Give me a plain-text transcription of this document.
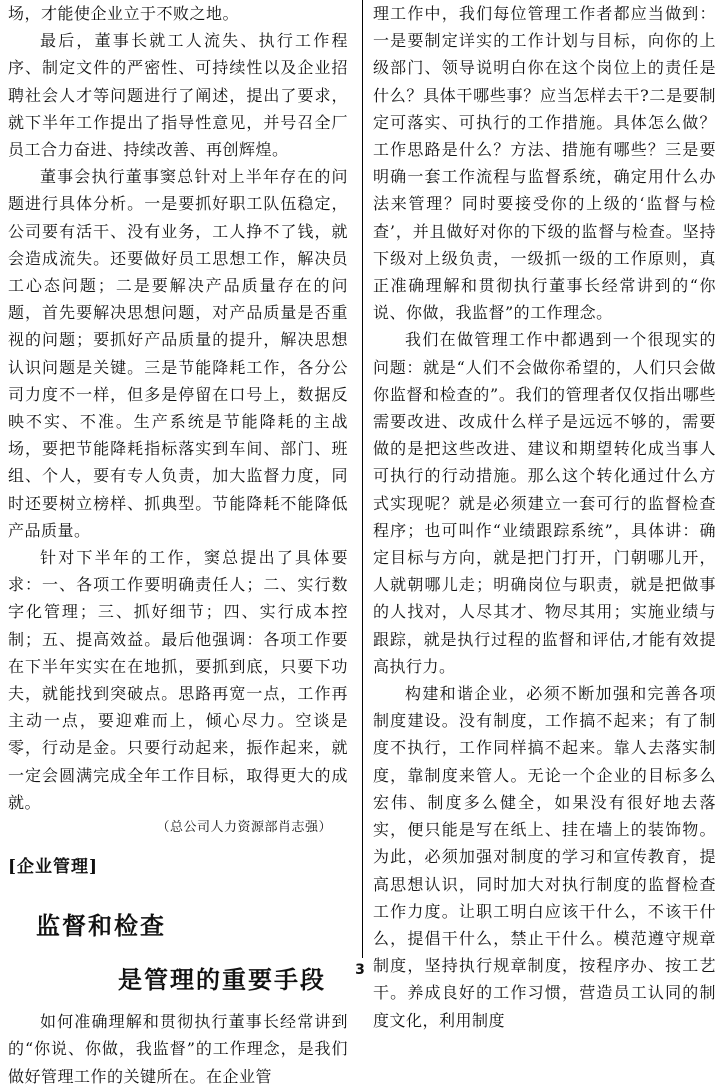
场，才能使企业立于不败之地。

最后，董事长就工人流失、执行工作程序、制定文件的严密性、可持续性以及企业招聘社会人才等问题进行了阐述，提出了要求，就下半年工作提出了指导性意见，并号召全厂员工合力奋进、持续改善、再创辉煌。

董事会执行董事窦总针对上半年存在的问题进行具体分析。一是要抓好职工队伍稳定，公司要有活干、没有业务，工人挣不了钱，就会造成流失。还要做好员工思想工作，解决员工心态问题；二是要解决产品质量存在的问题，首先要解决思想问题，对产品质量是否重视的问题；要抓好产品质量的提升，解决思想认识问题是关键。三是节能降耗工作，各分公司力度不一样，但多是停留在口号上，数据反映不实、不准。生产系统是节能降耗的主战场，要把节能降耗指标落实到车间、部门、班组、个人，要有专人负责，加大监督力度，同时还要树立榜样、抓典型。节能降耗不能降低产品质量。

针对下半年的工作，窦总提出了具体要求：一、各项工作要明确责任人；二、实行数字化管理；三、抓好细节；四、实行成本控制；五、提高效益。最后他强调：各项工作要在下半年实实在在地抓，要抓到底，只要下功夫，就能找到突破点。思路再宽一点，工作再主动一点，要迎难而上，倾心尽力。空谈是零，行动是金。只要行动起来，振作起来，就一定会圆满完成全年工作目标，取得更大的成就。

（总公司人力资源部肖志强）

[企业管理]
监督和检查
是管理的重要手段

如何准确理解和贯彻执行董事长经常讲到的“你说、你做，我监督”的工作理念，是我们做好管理工作的关键所在。在企业管

理工作中，我们每位管理工作者都应当做到：一是要制定详实的工作计划与目标，向你的上级部门、领导说明白你在这个岗位上的责任是什么？具体干哪些事？应当怎样去干?二是要制定可落实、可执行的工作措施。具体怎么做？工作思路是什么？方法、措施有哪些？三是要明确一套工作流程与监督系统，确定用什么办法来管理？同时要接受你的上级的‘监督与检查’，并且做好对你的下级的监督与检查。坚持下级对上级负责，一级抓一级的工作原则，真正准确理解和贯彻执行董事长经常讲到的“你说、你做，我监督”的工作理念。

我们在做管理工作中都遇到一个很现实的问题：就是“人们不会做你希望的，人们只会做你监督和检查的”。我们的管理者仅仅指出哪些需要改进、改成什么样子是远远不够的，需要做的是把这些改进、建议和期望转化成当事人可执行的行动措施。那么这个转化通过什么方式实现呢？就是必须建立一套可行的监督检查程序；也可叫作“业绩跟踪系统”，具体讲：确定目标与方向，就是把门打开，门朝哪儿开，人就朝哪儿走；明确岗位与职责，就是把做事的人找对，人尽其才、物尽其用；实施业绩与跟踪，就是执行过程的监督和评估,才能有效提高执行力。

构建和谐企业，必须不断加强和完善各项制度建设。没有制度，工作搞不起来；有了制度不执行，工作同样搞不起来。靠人去落实制度，靠制度来管人。无论一个企业的目标多么宏伟、制度多么健全，如果没有很好地去落实，便只能是写在纸上、挂在墙上的装饰物。为此，必须加强对制度的学习和宣传教育，提高思想认识，同时加大对执行制度的监督检查工作力度。让职工明白应该干什么，不该干什么，提倡干什么，禁止干什么。模范遵守规章制度，坚持执行规章制度，按程序办、按工艺干。养成良好的工作习惯，营造员工认同的制度文化，利用制度

3
